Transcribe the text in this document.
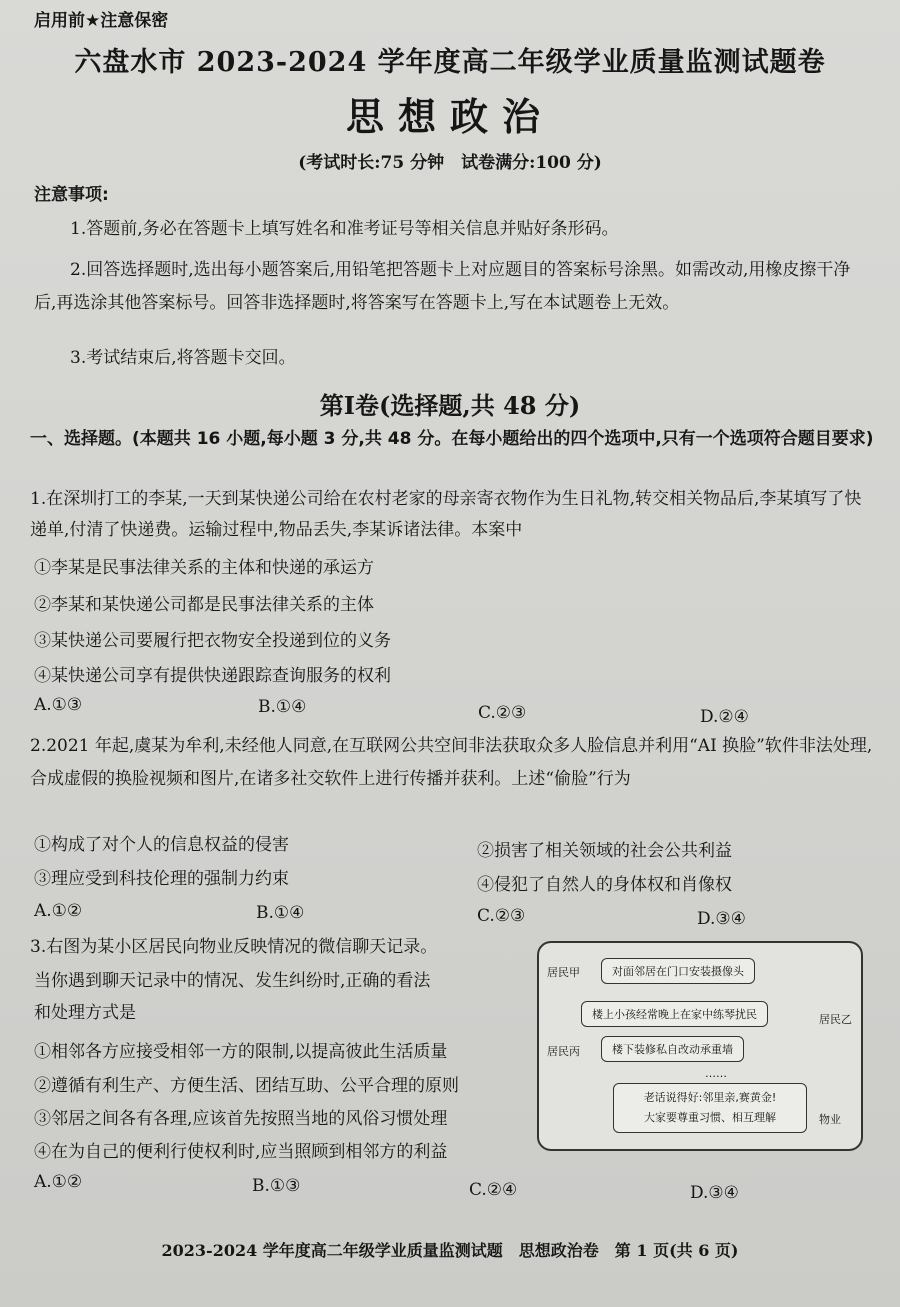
启用前★注意保密
六盘水市 2023-2024 学年度高二年级学业质量监测试题卷
思想政治
(考试时长:75 分钟　试卷满分:100 分)
注意事项:
1.答题前,务必在答题卡上填写姓名和准考证号等相关信息并贴好条形码。
2.回答选择题时,选出每小题答案后,用铅笔把答题卡上对应题目的答案标号涂黑。如需改动,用橡皮擦干净后,再选涂其他答案标号。回答非选择题时,将答案写在答题卡上,写在本试题卷上无效。
3.考试结束后,将答题卡交回。
第Ⅰ卷(选择题,共 48 分)
一、选择题。(本题共 16 小题,每小题 3 分,共 48 分。在每小题给出的四个选项中,只有一个选项符合题目要求)
1.在深圳打工的李某,一天到某快递公司给在农村老家的母亲寄衣物作为生日礼物,转交相关物品后,李某填写了快递单,付清了快递费。运输过程中,物品丢失,李某诉诸法律。本案中
①李某是民事法律关系的主体和快递的承运方
②李某和某快递公司都是民事法律关系的主体
③某快递公司要履行把衣物安全投递到位的义务
④某快递公司享有提供快递跟踪查询服务的权利
A.①③	B.①④	C.②③	D.②④
2.2021 年起,虞某为牟利,未经他人同意,在互联网公共空间非法获取众多人脸信息并利用“AI 换脸”软件非法处理,合成虚假的换脸视频和图片,在诸多社交软件上进行传播并获利。上述“偷脸”行为
①构成了对个人的信息权益的侵害	②损害了相关领域的社会公共利益
③理应受到科技伦理的强制力约束	④侵犯了自然人的身体权和肖像权
A.①②	B.①④	C.②③	D.③④
3.右图为某小区居民向物业反映情况的微信聊天记录。
当你遇到聊天记录中的情况、发生纠纷时,正确的看法
和处理方式是
①相邻各方应接受相邻一方的限制,以提高彼此生活质量
②遵循有利生产、方便生活、团结互助、公平合理的原则
③邻居之间各有各理,应该首先按照当地的风俗习惯处理
④在为自己的便利行使权利时,应当照顾到相邻方的利益
A.①②	B.①③	C.②④	D.③④
居民甲	对面邻居在门口安装摄像头
楼上小孩经常晚上在家中练琴扰民	居民乙
居民丙	楼下装修私自改动承重墙
……
老话说得好:邻里亲,赛黄金!
大家要尊重习惯、相互理解	物业
2023-2024 学年度高二年级学业质量监测试题　思想政治卷　第 1 页(共 6 页)
